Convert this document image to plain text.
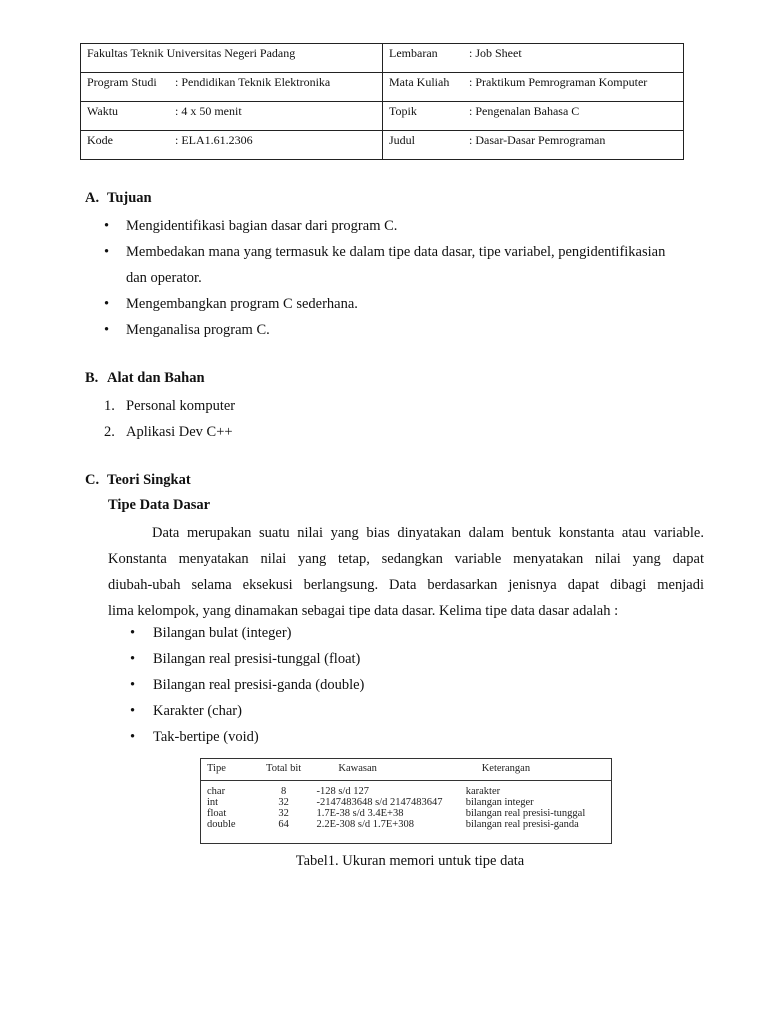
Fakultas Teknik Universitas Negeri Padang	Lembaran : Job Sheet

Program Studi : Pendidikan Teknik Elektronika	Mata Kuliah : Praktikum Pemrograman Komputer

Waktu : 4 x 50 menit	Topik : Pengenalan Bahasa C

Kode : ELA1.61.2306	Judul : Dasar-Dasar Pemrograman
A. Tujuan
• Mengidentifikasi bagian dasar dari program C.
• Membedakan mana yang termasuk ke dalam tipe data dasar, tipe variabel, pengidentifikasian
dan operator.
• Mengembangkan program C sederhana.
• Menganalisa program C.
B. Alat dan Bahan
1. Personal komputer
2. Aplikasi Dev C++
C. Teori Singkat
Tipe Data Dasar
Data merupakan suatu nilai yang bias dinyatakan dalam bentuk konstanta atau variable.
Konstanta menyatakan nilai yang tetap, sedangkan variable menyatakan nilai yang dapat
diubah-ubah selama eksekusi berlangsung. Data berdasarkan jenisnya dapat dibagi menjadi
lima kelompok, yang dinamakan sebagai tipe data dasar. Kelima tipe data dasar adalah :
• Bilangan bulat (integer)
• Bilangan real presisi-tunggal (float)
• Bilangan real presisi-ganda (double)
• Karakter (char)
• Tak-bertipe (void)
Tipe	Total bit	Kawasan	Keterangan
char	8	-128 s/d 127	karakter
int	32	-2147483648 s/d 2147483647	bilangan integer
float	32	1.7E-38 s/d 3.4E+38	bilangan real presisi-tunggal
double	64	2.2E-308 s/d 1.7E+308	bilangan real presisi-ganda
Tabel1. Ukuran memori untuk tipe data
